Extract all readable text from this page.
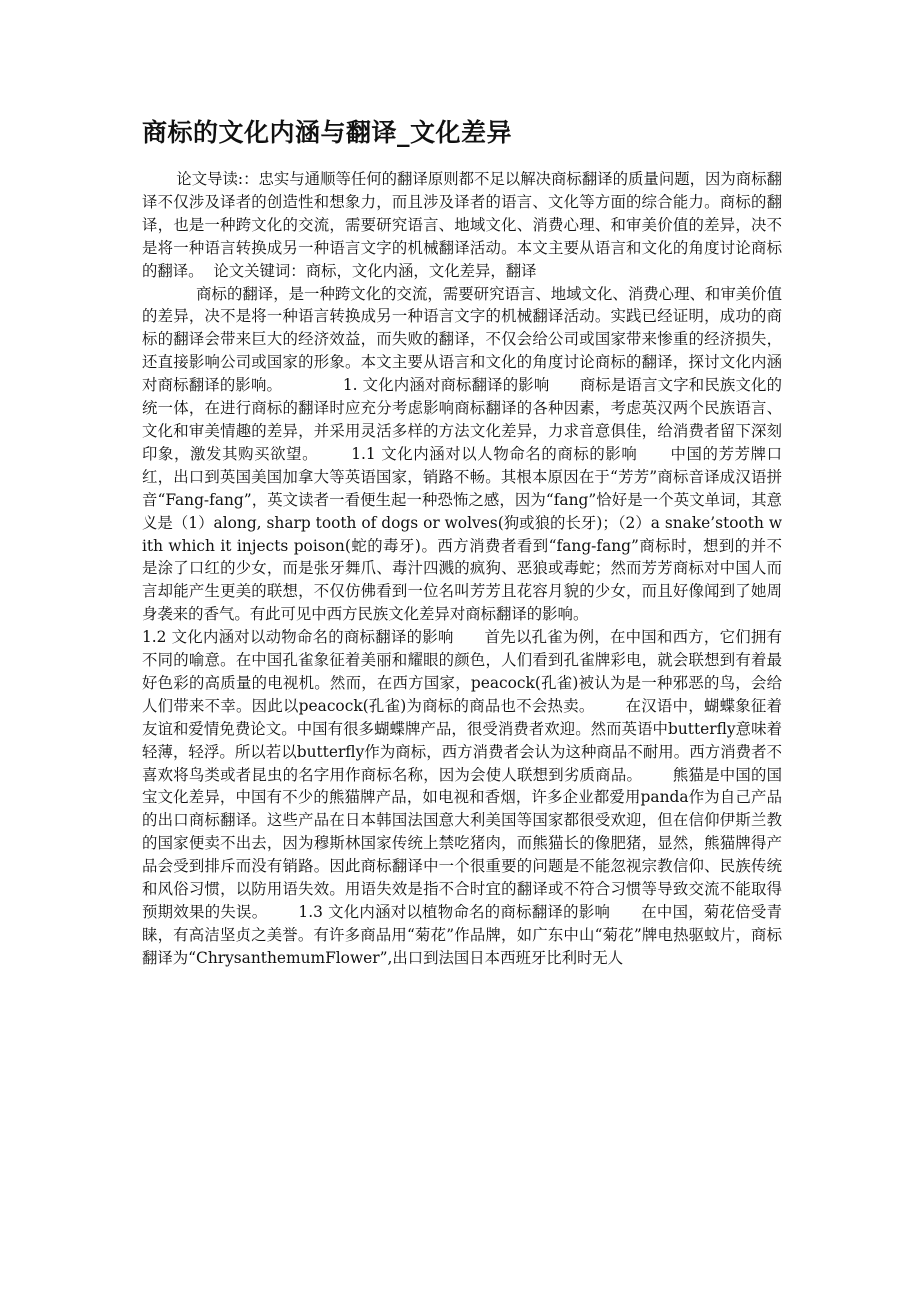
商标的文化内涵与翻译_文化差异

论文导读:：忠实与通顺等任何的翻译原则都不足以解决商标翻译的质量问题，因为商标翻译不仅涉及译者的创造性和想象力，而且涉及译者的语言、文化等方面的综合能力。商标的翻译，也是一种跨文化的交流，需要研究语言、地域文化、消费心理、和审美价值的差异，决不是将一种语言转换成另一种语言文字的机械翻译活动。本文主要从语言和文化的角度讨论商标的翻译。  论文关键词：商标，文化内涵，文化差异，翻译
商标的翻译，是一种跨文化的交流，需要研究语言、地域文化、消费心理、和审美价值的差异，决不是将一种语言转换成另一种语言文字的机械翻译活动。实践已经证明，成功的商标的翻译会带来巨大的经济效益，而失败的翻译，不仅会给公司或国家带来惨重的经济损失，还直接影响公司或国家的形象。本文主要从语言和文化的角度讨论商标的翻译，探讨文化内涵对商标翻译的影响。            1. 文化内涵对商标翻译的影响      商标是语言文字和民族文化的统一体，在进行商标的翻译时应充分考虑影响商标翻译的各种因素，考虑英汉两个民族语言、文化和审美情趣的差异，并采用灵活多样的方法文化差异，力求音意俱佳，给消费者留下深刻印象，激发其购买欲望。      1.1 文化内涵对以人物命名的商标的影响      中国的芳芳牌口红，出口到英国美国加拿大等英语国家，销路不畅。其根本原因在于“芳芳”商标音译成汉语拼音“Fang-fang”，英文读者一看便生起一种恐怖之感，因为“fang”恰好是一个英文单词，其意义是（1）along, sharp tooth of dogs or wolves(狗或狼的长牙)；（2）a snake’stooth with which it injects poison(蛇的毒牙)。西方消费者看到“fang-fang”商标时，想到的并不是涂了口红的少女，而是张牙舞爪、毒汁四溅的疯狗、恶狼或毒蛇；然而芳芳商标对中国人而言却能产生更美的联想，不仅仿佛看到一位名叫芳芳且花容月貌的少女，而且好像闻到了她周身袭来的香气。有此可见中西方民族文化差异对商标翻译的影响。
1.2 文化内涵对以动物命名的商标翻译的影响      首先以孔雀为例，在中国和西方，它们拥有不同的喻意。在中国孔雀象征着美丽和耀眼的颜色，人们看到孔雀牌彩电，就会联想到有着最好色彩的高质量的电视机。然而，在西方国家，peacock(孔雀)被认为是一种邪恶的鸟，会给人们带来不幸。因此以peacock(孔雀)为商标的商品也不会热卖。      在汉语中，蝴蝶象征着友谊和爱情免费论文。中国有很多蝴蝶牌产品，很受消费者欢迎。然而英语中butterfly意味着轻薄，轻浮。所以若以butterfly作为商标，西方消费者会认为这种商品不耐用。西方消费者不喜欢将鸟类或者昆虫的名字用作商标名称，因为会使人联想到劣质商品。      熊猫是中国的国宝文化差异，中国有不少的熊猫牌产品，如电视和香烟，许多企业都爱用panda作为自己产品的出口商标翻译。这些产品在日本韩国法国意大利美国等国家都很受欢迎，但在信仰伊斯兰教的国家便卖不出去，因为穆斯林国家传统上禁吃猪肉，而熊猫长的像肥猪，显然，熊猫牌得产品会受到排斥而没有销路。因此商标翻译中一个很重要的问题是不能忽视宗教信仰、民族传统和风俗习惯，以防用语失效。用语失效是指不合时宜的翻译或不符合习惯等导致交流不能取得预期效果的失误。      1.3 文化内涵对以植物命名的商标翻译的影响      在中国，菊花倍受青睐，有高洁坚贞之美誉。有许多商品用“菊花”作品牌，如广东中山“菊花”牌电热驱蚊片，商标翻译为“ChrysanthemumFlower”,出口到法国日本西班牙比利时无人
